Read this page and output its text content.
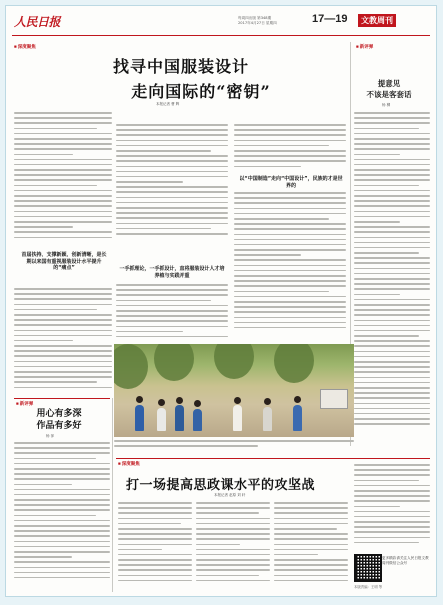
人民日报	每周四出版 第348期
2017年4月27日 星期四	17—19	文教周刊
■ 深度聚焦
找寻中国服装设计
走向国际的“密钥”
本报记者 曹 辉
首届扶持、支撑新颖、创新清晰，是长期以来国有重视服装设计水平提升的“痛点”	一手抓理论，一手抓设计，直将服装设计人才培养植与实践并重
以“中国制造”走向“中国设计”，民族的才是世界的
■ 新评弹
提意见
不该是客套话
杨 柳
■ 新评弹
用心有多深
作品有多好
杨 萍
■ 深度聚焦
打一场提高思政课水平的攻坚战
本报记者 赵原 刘 轩
更多精彩请关注人民日报文教周刊微信公众号
本版责编：王明 等
